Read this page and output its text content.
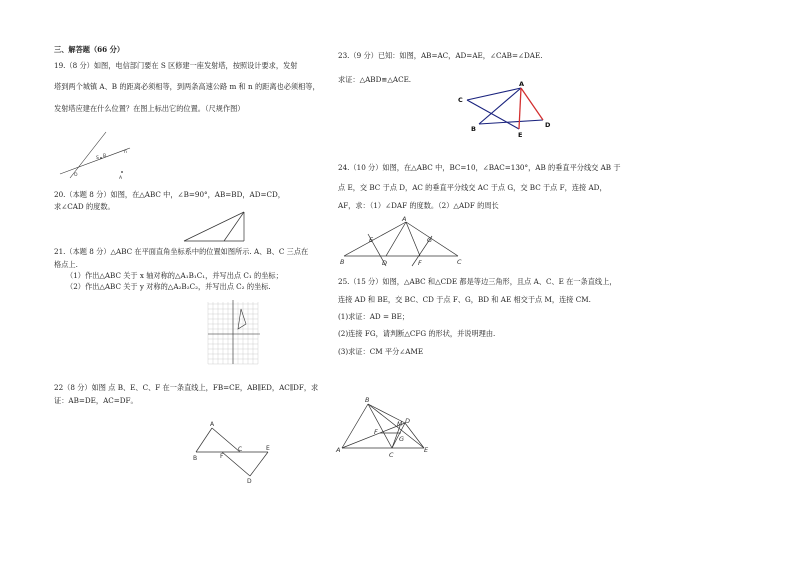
三、解答题（66 分）

19.（8 分）如图，电信部门要在 S 区修建一座发射塔，按照设计要求，发射

塔到两个城镇 A、B 的距离必须相等，到两条高速公路 m 和 n 的距离也必须相等，

发射塔应建在什么位置？在图上标出它的位置。（尺规作图）

S B
O
A
n

20.（本题 8 分）如图，在△ABC 中，∠B=90°，AB=BD，AD=CD，

求∠CAD 的度数。

21.（本题 8 分）△ABC 在平面直角坐标系中的位置如图所示. A、B、C 三点在

格点上.

（1）作出△ABC 关于 x 轴对称的△A₁B₁C₁，并写出点 C₁ 的坐标；

（2）作出△ABC 关于 y 对称的△A₂B₂C₂，并写出点 C₂ 的坐标.

22（8 分）如图 点 B、E、C、F 在一条直线上，FB=CE，AB∥ED，AC∥DF，求

证：AB=DE，AC=DF。

A
B	F
C	E
D

23.（9 分）已知：如图，AB=AC，AD=AE，∠CAB=∠DAE.

求证：△ABD≌△ACE.	A
C
B
E
D

24.（10 分）如图，在△ABC 中，BC=10，∠BAC=130°，AB 的垂直平分线交 AB 于

点 E，交 BC 于点 D，AC 的垂直平分线交 AC 于点 G，交 BC 于点 F，连接 AD，

AF，求：（1）∠DAF 的度数。（2）△ADF 的周长

A
E	G
B	D	F	C

25.（15 分）如图，△ABC 和△CDE 都是等边三角形，且点 A、C、E 在一条直线上，

连接 AD 和 BE，交 BC、CD 于点 F、G，BD 和 AE 相交于点 M，连接 CM.

(1)求证：AD = BE；

(2)连接 FG，请判断△CFG 的形状，并说明理由.

(3)求证：CM 平分∠AME

B
M D
F
G
A
C
E
